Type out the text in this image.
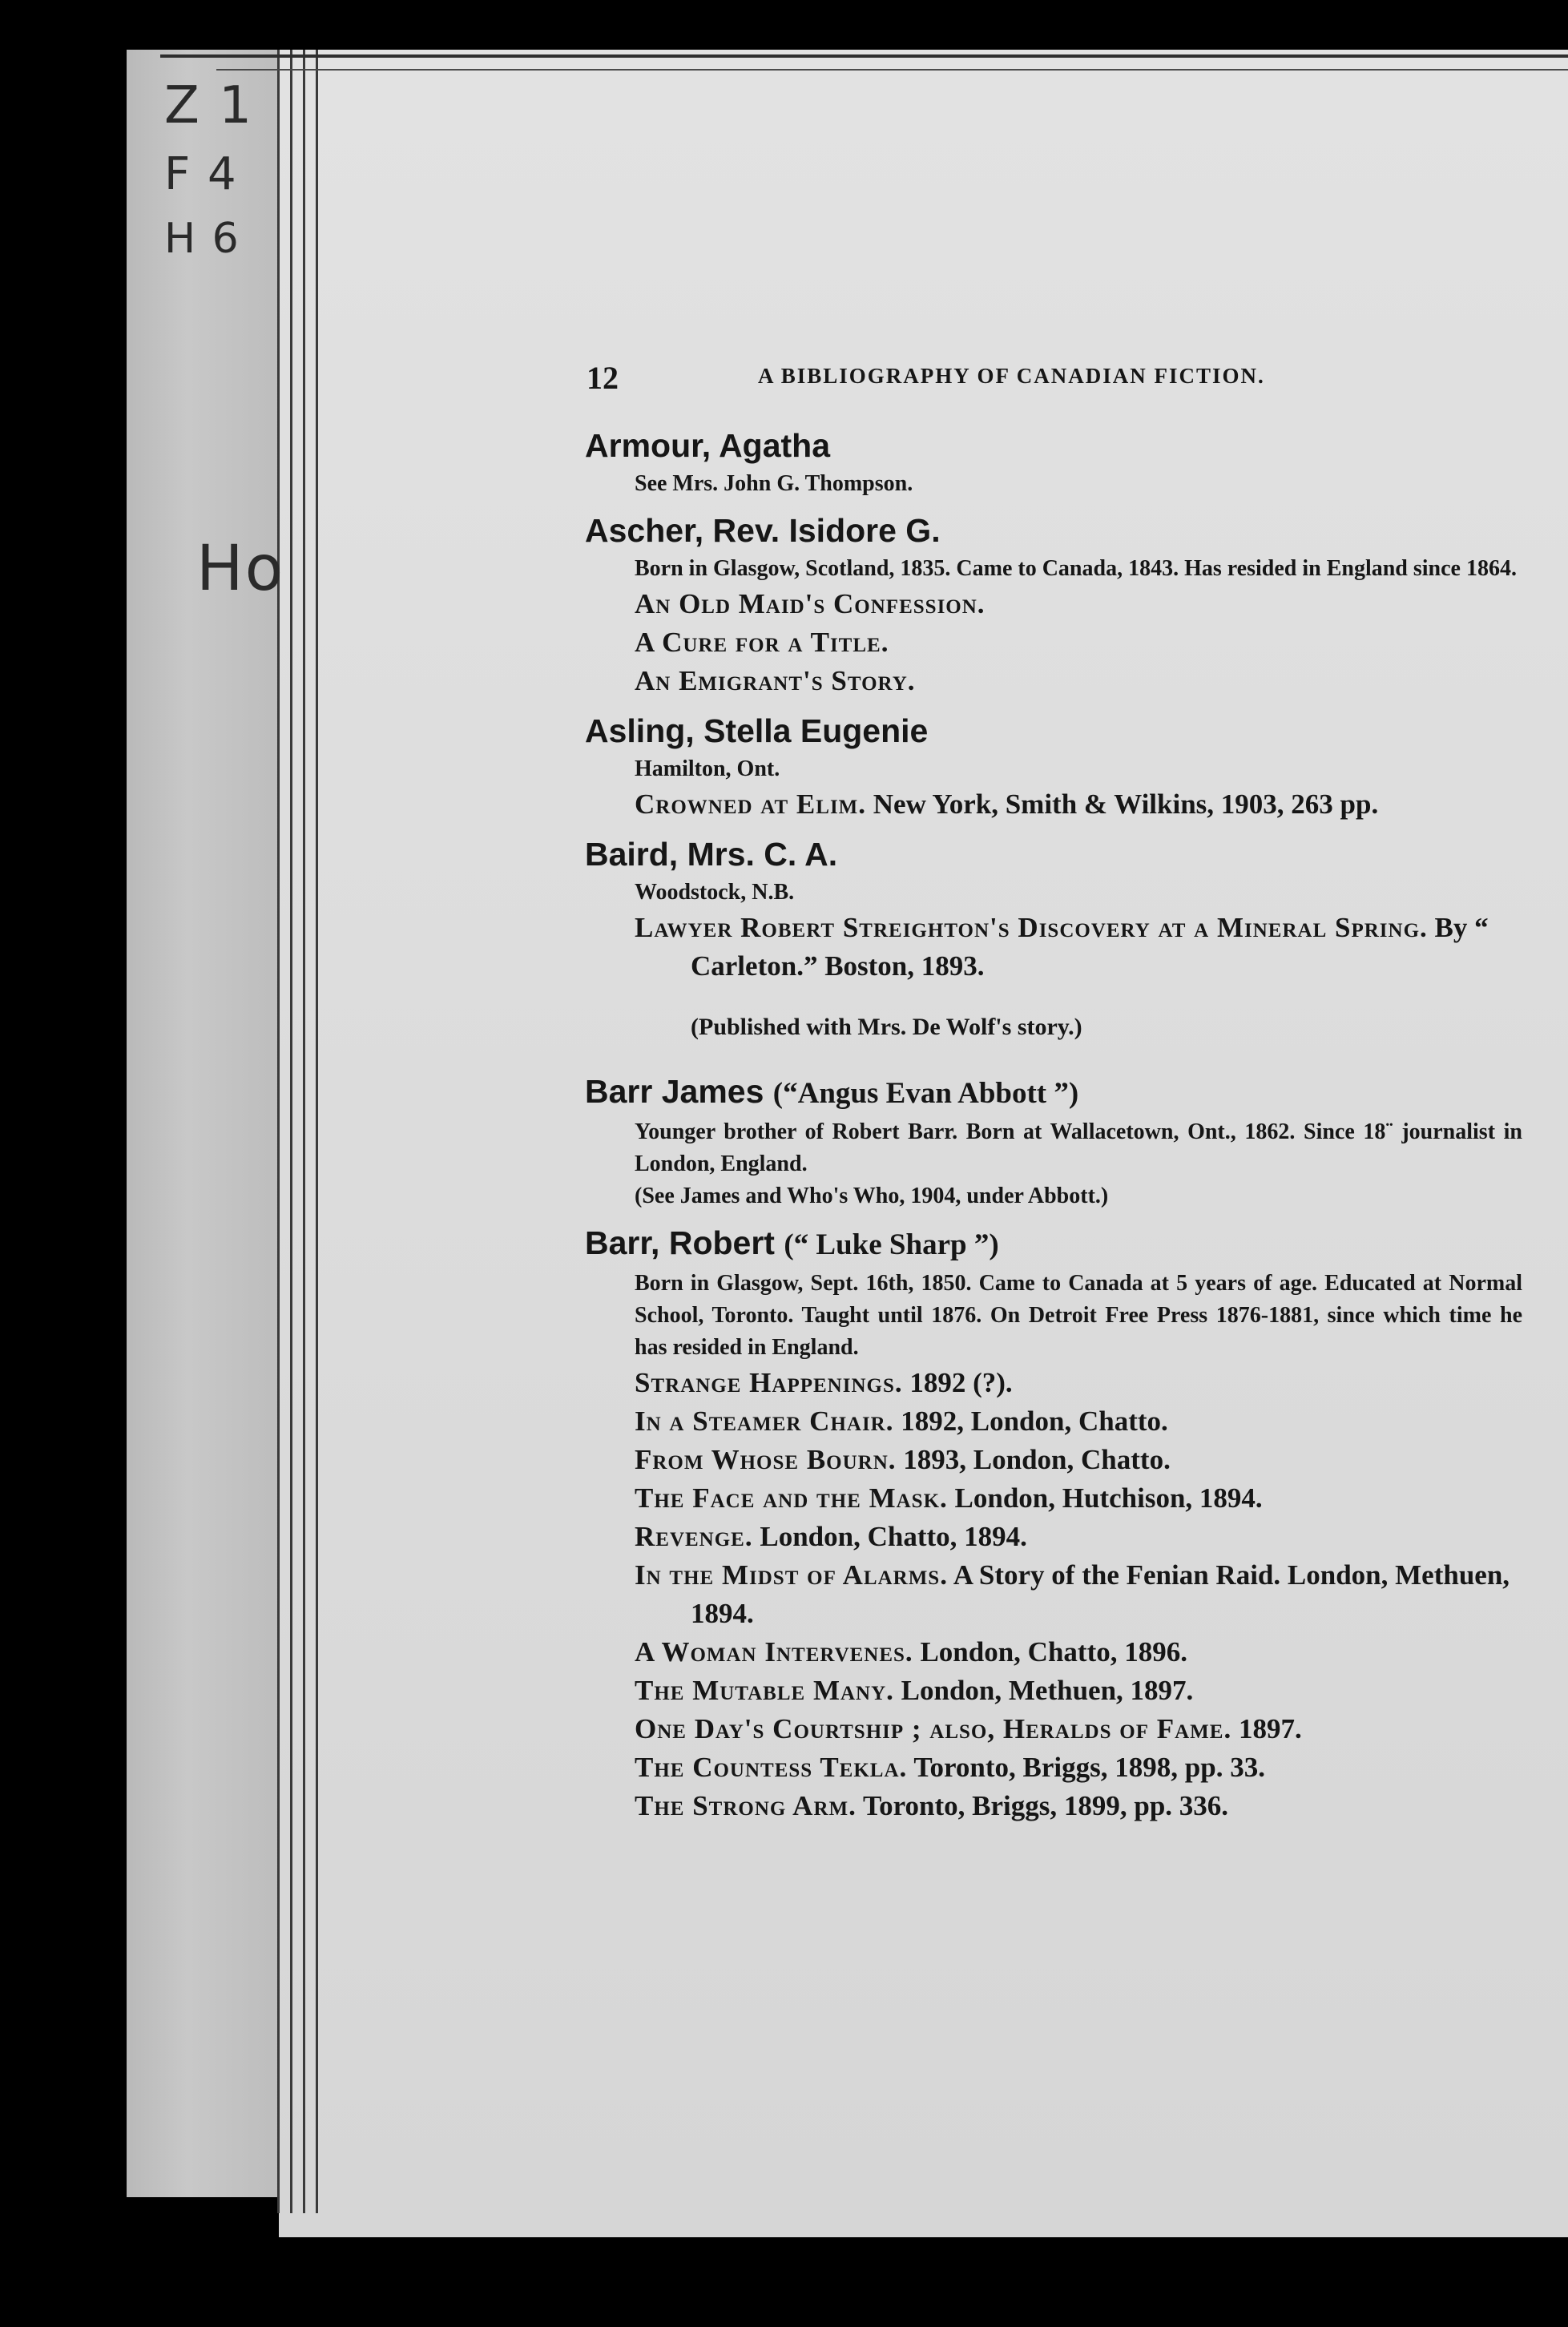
Z 1
F 4
H 6
Ho
12	A BIBLIOGRAPHY OF CANADIAN FICTION.

Armour, Agatha

See Mrs. John G. Thompson.

Ascher, Rev. Isidore G.

Born in Glasgow, Scotland, 1835. Came to Canada, 1843. Has resided in England since 1864.

An Old Maid's Confession.

A Cure for a Title.

An Emigrant's Story.

Asling, Stella Eugenie

Hamilton, Ont.

Crowned at Elim. New York, Smith & Wilkins, 1903, 263 pp.

Baird, Mrs. C. A.

Woodstock, N.B.

Lawyer Robert Streighton's Discovery at a Mineral Spring. By “ Carleton.” Boston, 1893.

(Published with Mrs. De Wolf's story.)

Barr James (“Angus Evan Abbott ”)

Younger brother of Robert Barr. Born at Wallacetown, Ont., 1862. Since 18¨ journalist in London, England.

(See James and Who's Who, 1904, under Abbott.)

Barr, Robert (“ Luke Sharp ”)

Born in Glasgow, Sept. 16th, 1850. Came to Canada at 5 years of age. Educated at Normal School, Toronto. Taught until 1876. On Detroit Free Press 1876-1881, since which time he has resided in England.

Strange Happenings. 1892 (?).

In a Steamer Chair. 1892, London, Chatto.

From Whose Bourn. 1893, London, Chatto.

The Face and the Mask. London, Hutchison, 1894.

Revenge. London, Chatto, 1894.

In the Midst of Alarms. A Story of the Fenian Raid. London, Methuen, 1894.

A Woman Intervenes. London, Chatto, 1896.

The Mutable Many. London, Methuen, 1897.

One Day's Courtship ; also, Heralds of Fame. 1897.

The Countess Tekla. Toronto, Briggs, 1898, pp. 33.

The Strong Arm. Toronto, Briggs, 1899, pp. 336.
